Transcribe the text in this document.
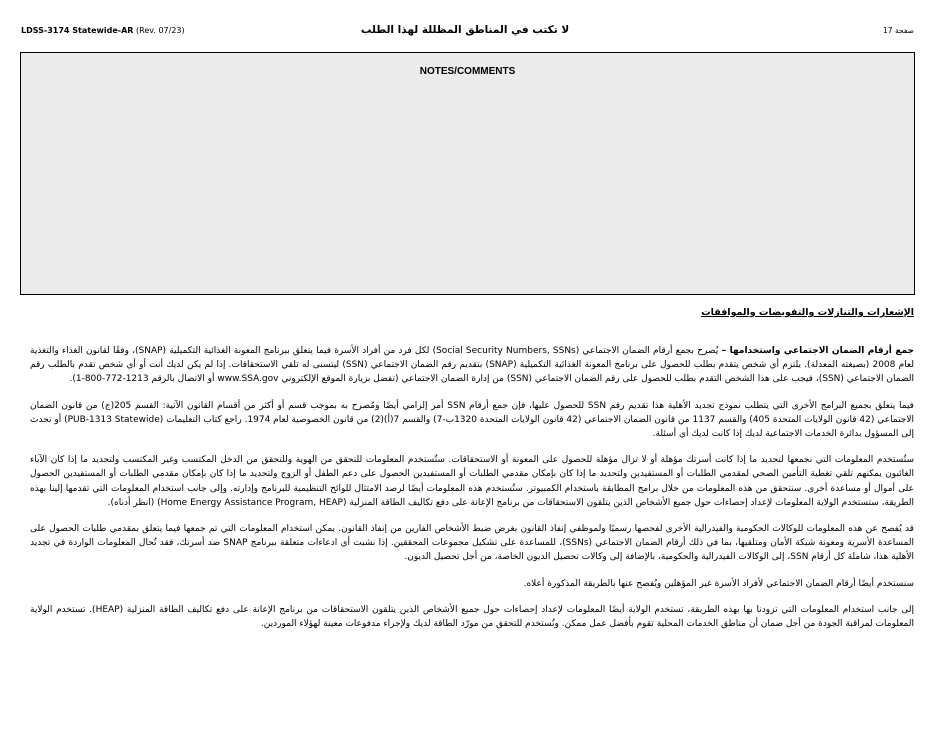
LDSS-3174 Statewide-AR (Rev. 07/23)	لا تكتب في المناطق المظللة لهذا الطلب	صفحة 17
NOTES/COMMENTS
الإشعارات والتنازلات والتفويضات والموافقات

جمع أرقام الضمان الاجتماعي واستخدامها – يُصرح بجمع أرقام الضمان الاجتماعي (Social Security Numbers, SSNs) لكل فرد من أفراد الأسرة فيما يتعلق ببرنامج المعونة الغذائية التكميلية (SNAP)، وفقًا لقانون الغذاء والتغذية لعام 2008 (بصيغته المعدلة). يلتزم أي شخص يتقدم بطلب للحصول على برنامج المعونة الغذائية التكميلية (SNAP) بتقديم رقم الضمان الاجتماعي (SSN) ليتسنى له تلقي الاستحقاقات. إذا لم يكن لديك أنت أو أي شخص تقدم بالطلب رقم الضمان الاجتماعي (SSN)، فيجب على هذا الشخص التقدم بطلب للحصول على رقم الضمان الاجتماعي (SSN) من إدارة الضمان الاجتماعي (تفضل بزيارة الموقع الإلكتروني www.SSA.gov أو الاتصال بالرقم 1213-772-800-1).

فيما يتعلق بجميع البرامج الأخرى التي يتطلب نموذج تجديد الأهلية هذا تقديم رقم SSN للحصول عليها، فإن جمع أرقام SSN أمر إلزامي أيضًا ومُصرح به بموجب قسم أو أكثر من أقسام القانون الآتية: القسم 205(ج) من قانون الضمان الاجتماعي (42 قانون الولايات المتحدة 405) والقسم 1137 من قانون الضمان الاجتماعي (42 قانون الولايات المتحدة 1320ب-7) والقسم 7(أ)(2) من قانون الخصوصية لعام 1974. راجع كتاب التعليمات (PUB-1313 Statewide) أو تحدث إلى المسؤول بدائرة الخدمات الاجتماعية لديك إذا كانت لديك أي أسئلة.

ستُستخدم المعلومات التي نجمعها لتحديد ما إذا كانت أسرتك مؤهلة أو لا تزال مؤهلة للحصول على المعونة أو الاستحقاقات. ستُستخدم المعلومات للتحقق من الهوية وللتحقق من الدخل المكتسب وغير المكتسب ولتحديد ما إذا كان الآباء الغائبون يمكنهم تلقي تغطية التأمين الصحي لمقدمي الطلبات أو المستفيدين ولتحديد ما إذا كان بإمكان مقدمي الطلبات أو المستفيدين الحصول على دعم الطفل أو الزوج ولتحديد ما إذا كان بإمكان مقدمي الطلبات أو المستفيدين الحصول على أموال أو مساعدة أخرى. سنتحقق من هذه المعلومات من خلال برامج المطابقة باستخدام الكمبيوتر. ستُستخدم هذه المعلومات أيضًا لرصد الامتثال للوائح التنظيمية للبرنامج وإدارته. وإلى جانب استخدام المعلومات التي تقدمها إلينا بهذه الطريقة، ستستخدم الولاية المعلومات لإعداد إحصاءات حول جميع الأشخاص الذين يتلقون الاستحقاقات من برنامج الإعانة على دفع تكاليف الطاقة المنزلية (Home Energy Assistance Program, HEAP) (انظر أدناه).

قد يُفصح عن هذه المعلومات للوكالات الحكومية والفيدرالية الأخرى لفحصها رسميًا ولموظفي إنفاذ القانون بغرض ضبط الأشخاص الفارين من إنفاذ القانون. يمكن استخدام المعلومات التي تم جمعها فيما يتعلق بمقدمي طلبات الحصول على المساعدة الأسرية ومعونة شبكة الأمان ومتلقيها، بما في ذلك أرقام الضمان الاجتماعي (SSNs)، للمساعدة على تشكيل مجموعات المحققين. إذا نشبت أي ادعاءات متعلقة ببرنامج SNAP ضد أسرتك، فقد تُحال المعلومات الواردة في تجديد الأهلية هذا، شاملة كل أرقام SSN، إلى الوكالات الفيدرالية والحكومية، بالإضافة إلى وكالات تحصيل الديون الخاصة، من أجل تحصيل الديون.

سنستخدم أيضًا أرقام الضمان الاجتماعي لأفراد الأسرة غير المؤهلين ويُفصح عنها بالطريقة المذكورة أعلاه.

إلى جانب استخدام المعلومات التي تزودنا بها بهذه الطريقة، تستخدم الولاية أيضًا المعلومات لإعداد إحصاءات حول جميع الأشخاص الذين يتلقون الاستحقاقات من برنامج الإعانة على دفع تكاليف الطاقة المنزلية (HEAP). تستخدم الولاية المعلومات لمراقبة الجودة من أجل ضمان أن مناطق الخدمات المحلية تقوم بأفضل عمل ممكن. وتُستخدم للتحقق من مورّد الطاقة لديك ولإجراء مدفوعات معينة لهؤلاء الموردين.
